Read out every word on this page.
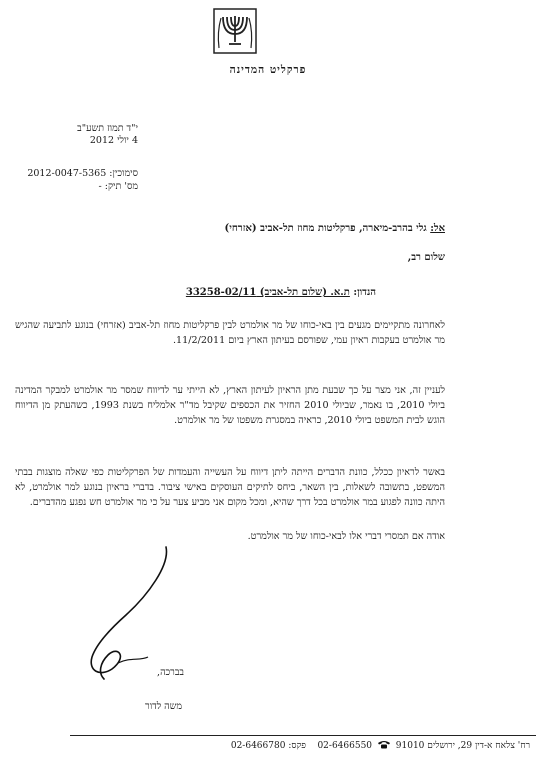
פרקליט המדינה
י"ד תמוז תשע"ב
4 יולי 2012
סימוכין: 2012-0047-5365
מס' תיק: -
אל: גלי בהרב-מיארה, פרקליטות מחוז תל-אביב (אזרחי)
שלום רב,
הנדון: ת.א. (שלום תל-אביב) 33258-02/11
לאחרונה מתקיימים מגעים בין באי-כוחו של מר אולמרט לבין פרקליטות מחוז תל-אביב (אזרחי) בנוגע לתביעה שהגיש מר אולמרט בעקבות ראיון עמי, שפורסם בעיתון הארץ ביום 11/2/2011.
לעניין זה, אני מצר על כך שבעת מתן הראיון לעיתון הארץ, לא הייתי ער לדיווח שמסר מר אולמרט למבקר המדינה ביולי 2010, בו נאמר, שביולי 2010 החזיר את הכספים שקיבל מד"ר אלמליח בשנת 1993, כשהעתק מן הדיווח הוגש לבית המשפט ביולי 2010, כראיה במסגרת משפטו של מר אולמרט.
באשר לראיון ככלל, כוונת הדברים הייתה ליתן דיווח על העשייה והעמדות של הפרקליטות כפי שאלה מוצגות בבתי המשפט, בתשובה לשאלות, בין השאר, ביחס לתיקים העוסקים באישי ציבור. בדברי בראיון בנוגע למר אולמרט, לא היתה כוונה לפגוע במר אולמרט בכל דרך שהיא, ומכל מקום אני מביע צער על כי מר אולמרט חש נפגע מהדברים.
אודה אם תמסרי דברי אלו לבאי-כוחו של מר אולמרט.
בברכה,
משה לדור
רח' צלאח א-דין 29, ירושלים 91010  02-6466550    פקס: 02-6466780
